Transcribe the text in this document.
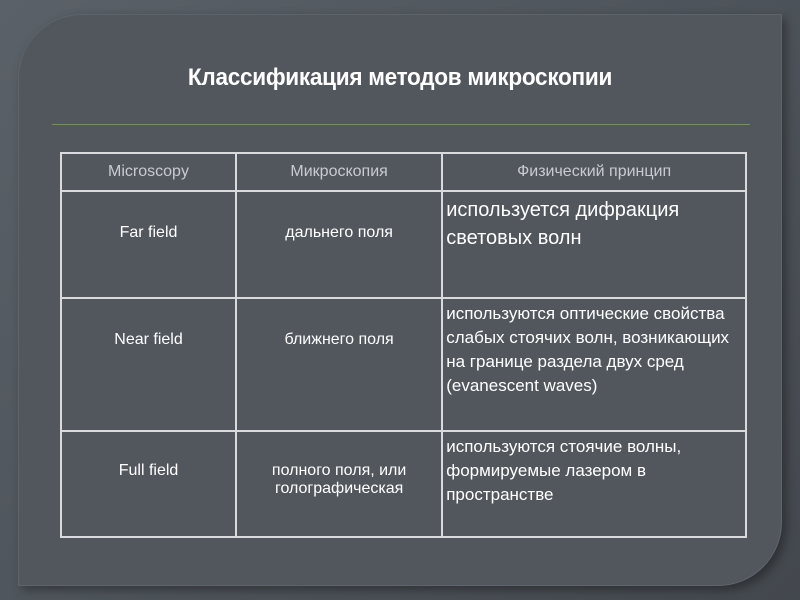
Классификация методов микроскопии
Microscopy	Микроскопия	Физический принцип

Far field	дальнего поля	используется дифракция световых волн

Near field	ближнего поля	используются оптические свойства слабых стоячих волн, возникающих на границе раздела двух сред (evanescent waves)

Full field	полного поля, или голографическая	используются стоячие волны, формируемые лазером в пространстве
